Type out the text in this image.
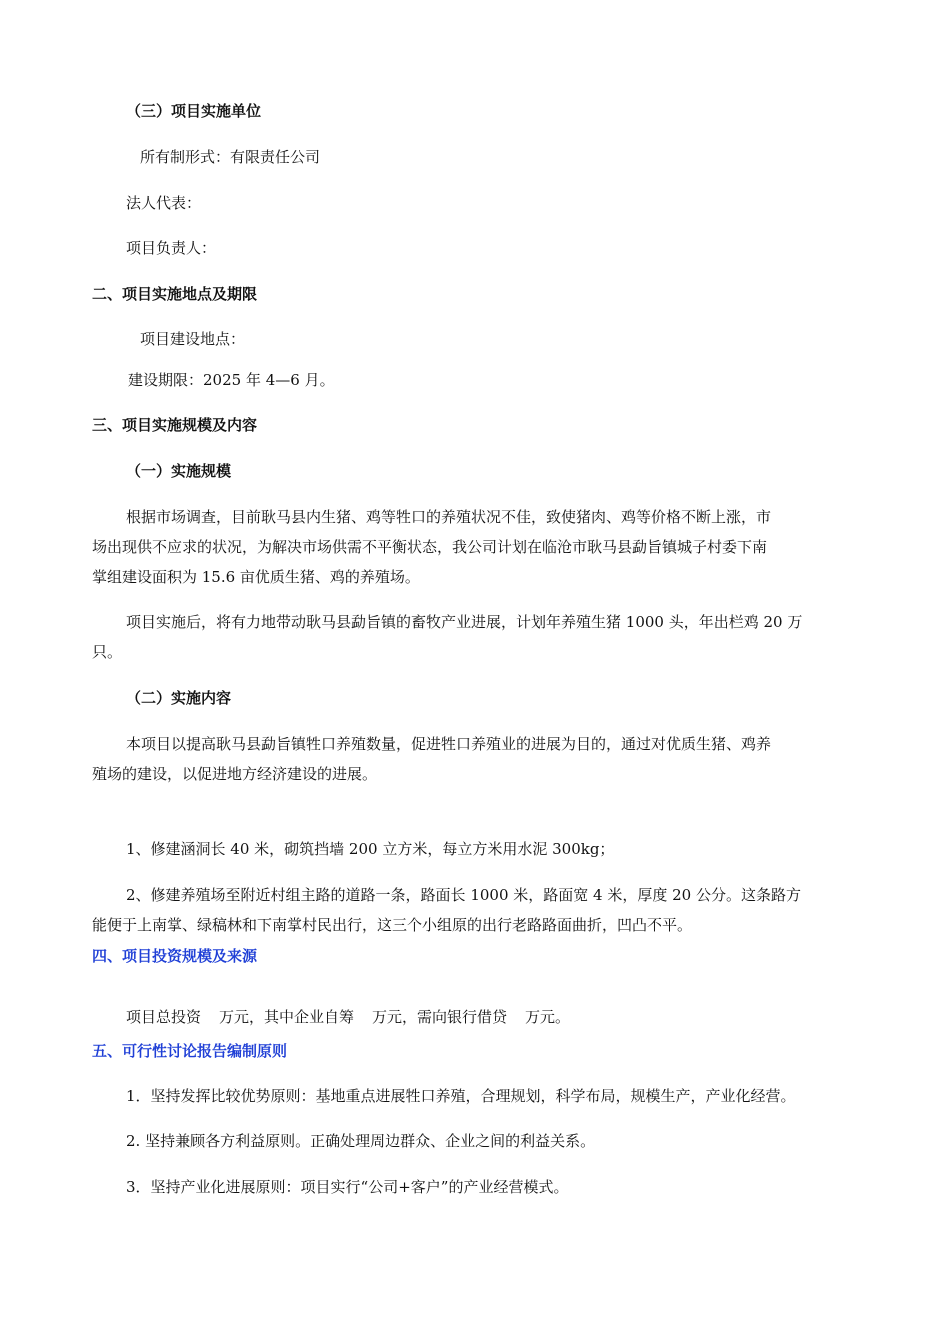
（三）项目实施单位
所有制形式：有限责任公司
法人代表：
项目负责人：
二、项目实施地点及期限
项目建设地点：
建设期限：2025 年 4—6 月。
三、项目实施规模及内容
（一）实施规模
根据市场调查，目前耿马县内生猪、鸡等牲口的养殖状况不佳，致使猪肉、鸡等价格不断上涨，市
场出现供不应求的状况，为解决市场供需不平衡状态，我公司计划在临沧市耿马县勐旨镇城子村委下南
掌组建设面积为 15.6 亩优质生猪、鸡的养殖场。
项目实施后，将有力地带动耿马县勐旨镇的畜牧产业进展，计划年养殖生猪 1000 头，年出栏鸡 20 万
只。
（二）实施内容
本项目以提高耿马县勐旨镇牲口养殖数量，促进牲口养殖业的进展为目的，通过对优质生猪、鸡养
殖场的建设，以促进地方经济建设的进展。
1、修建涵洞长 40 米，砌筑挡墙 200 立方米，每立方米用水泥 300kg；
2、修建养殖场至附近村组主路的道路一条，路面长 1000 米，路面宽 4 米，厚度 20 公分。这条路方
能便于上南掌、绿稿林和下南掌村民出行，这三个小组原的出行老路路面曲折，凹凸不平。
四、项目投资规模及来源
项目总投资 万元，其中企业自筹 万元，需向银行借贷 万元。
五、可行性讨论报告编制原则
1．坚持发挥比较优势原则：基地重点进展牲口养殖，合理规划，科学布局，规模生产，产业化经营。
2. 坚持兼顾各方利益原则。正确处理周边群众、企业之间的利益关系。
3．坚持产业化进展原则：项目实行“公司+客户”的产业经营模式。
